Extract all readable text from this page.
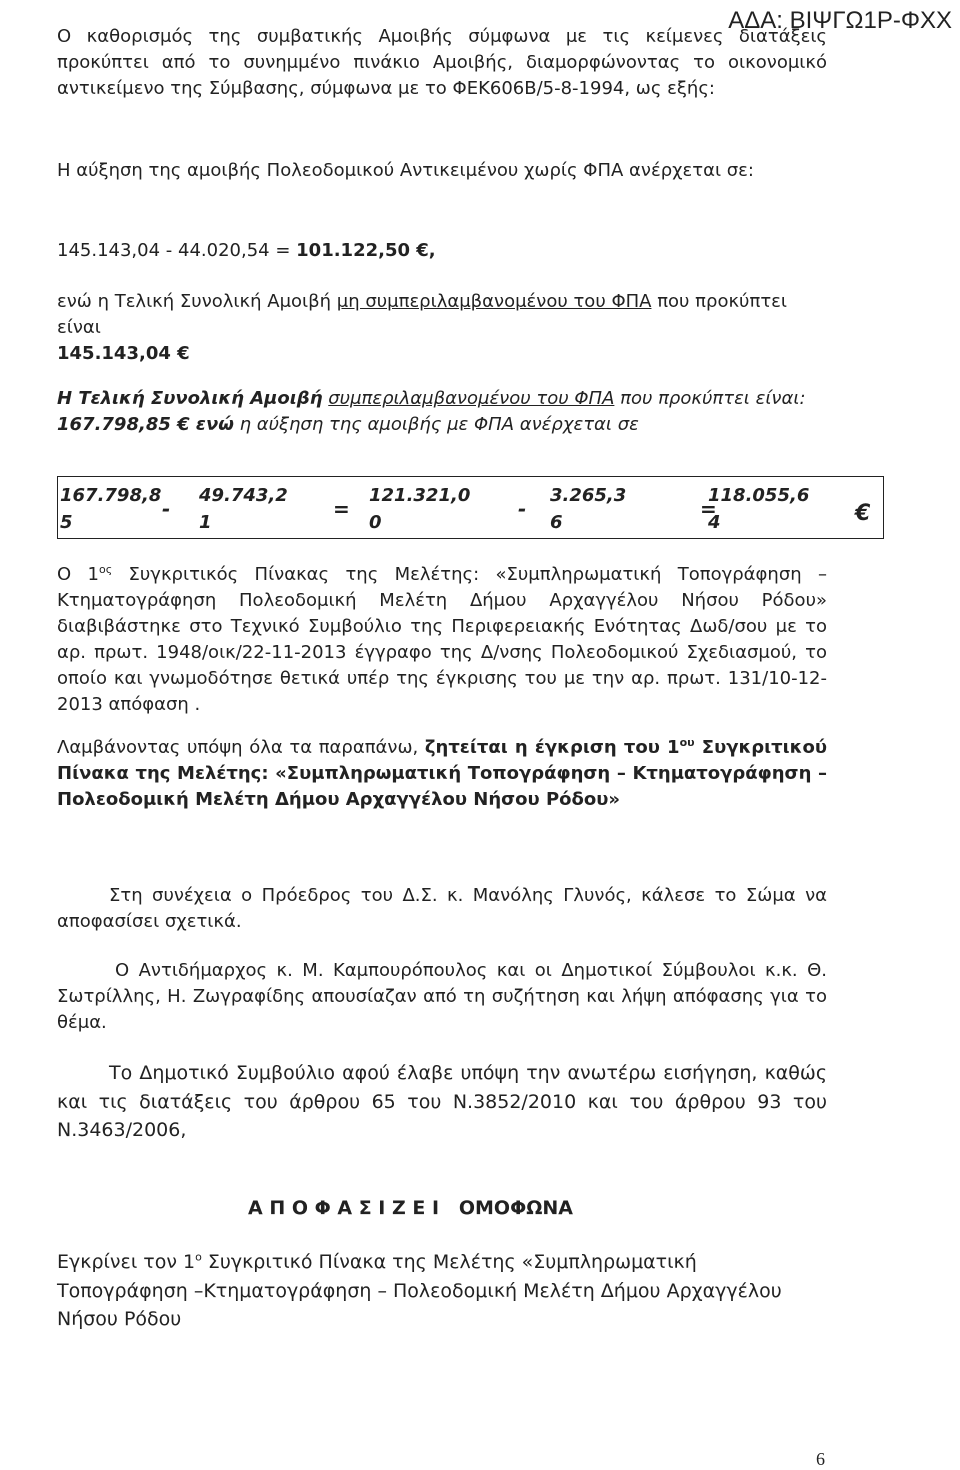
ΑΔΑ: ΒΙΨΓΩ1Ρ-ΦΧΧ

Ο καθορισμός της συμβατικής Αμοιβής σύμφωνα με τις κείμενες διατάξεις προκύπτει από το συνημμένο πινάκιο Αμοιβής, διαμορφώνοντας το οικονομικό αντικείμενο της Σύμβασης, σύμφωνα με το ΦΕΚ606Β/5-8-1994, ως εξής:

Η αύξηση της αμοιβής Πολεοδομικού Αντικειμένου χωρίς ΦΠΑ ανέρχεται σε:

145.143,04 - 44.020,54 = 101.122,50 €,

ενώ η Τελική Συνολική Αμοιβή μη συμπεριλαμβανομένου του ΦΠΑ που προκύπτει είναι
145.143,04 €

Η Τελική Συνολική Αμοιβή συμπεριλαμβανομένου του ΦΠΑ που προκύπτει είναι: 167.798,85 € ενώ η αύξηση της αμοιβής με ΦΠΑ ανέρχεται σε

167.798,8
5
-
49.743,2
1
=
121.321,0
0
-
3.265,3
6
=
118.055,6
4	€

Ο $1^{o\varsigma}$ Συγκριτικός Πίνακας της Μελέτης: «Συμπληρωματική Τοπογράφηση – Κτηματογράφηση Πολεοδομική Μελέτη Δήμου Αρχαγγέλου Νήσου Ρόδου» διαβιβάστηκε στο Τεχνικό Συμβούλιο της Περιφερειακής Ενότητας Δωδ/σου με το αρ. πρωτ. 1948/οικ/22-11-2013 έγγραφο της Δ/νσης Πολεοδομικού Σχεδιασμού, το οποίο και γνωμοδότησε θετικά υπέρ της έγκρισης του με την αρ. πρωτ. 131/10-12-2013 απόφαση .

Λαμβάνοντας υπόψη όλα τα παραπάνω, ζητείται η έγκριση του $1^{o\upsilon}$ Συγκριτικού Πίνακα της Μελέτης: «Συμπληρωματική Τοπογράφηση – Κτηματογράφηση – Πολεοδομική Μελέτη Δήμου Αρχαγγέλου Νήσου Ρόδου»

Στη συνέχεια ο Πρόεδρος του Δ.Σ. κ. Μανόλης Γλυνός, κάλεσε το Σώμα να αποφασίσει σχετικά.

Ο Αντιδήμαρχος κ. Μ. Καμπουρόπουλος και οι Δημοτικοί Σύμβουλοι κ.κ. Θ. Σωτρίλλης, Η. Ζωγραφίδης απουσίαζαν από τη συζήτηση και λήψη απόφασης για το θέμα.

Το Δημοτικό Συμβούλιο αφού έλαβε υπόψη την ανωτέρω εισήγηση, καθώς και τις διατάξεις του άρθρου 65 του Ν.3852/2010 και του άρθρου 93 του Ν.3463/2006,

Α Π Ο Φ Α Σ Ι Ζ Ε Ι   ΟΜΟΦΩΝΑ

Εγκρίνει τον $1^o$ Συγκριτικό Πίνακα της Μελέτης «Συμπληρωματική Τοπογράφηση –Κτηματογράφηση – Πολεοδομική Μελέτη Δήμου Αρχαγγέλου Νήσου Ρόδου

6
